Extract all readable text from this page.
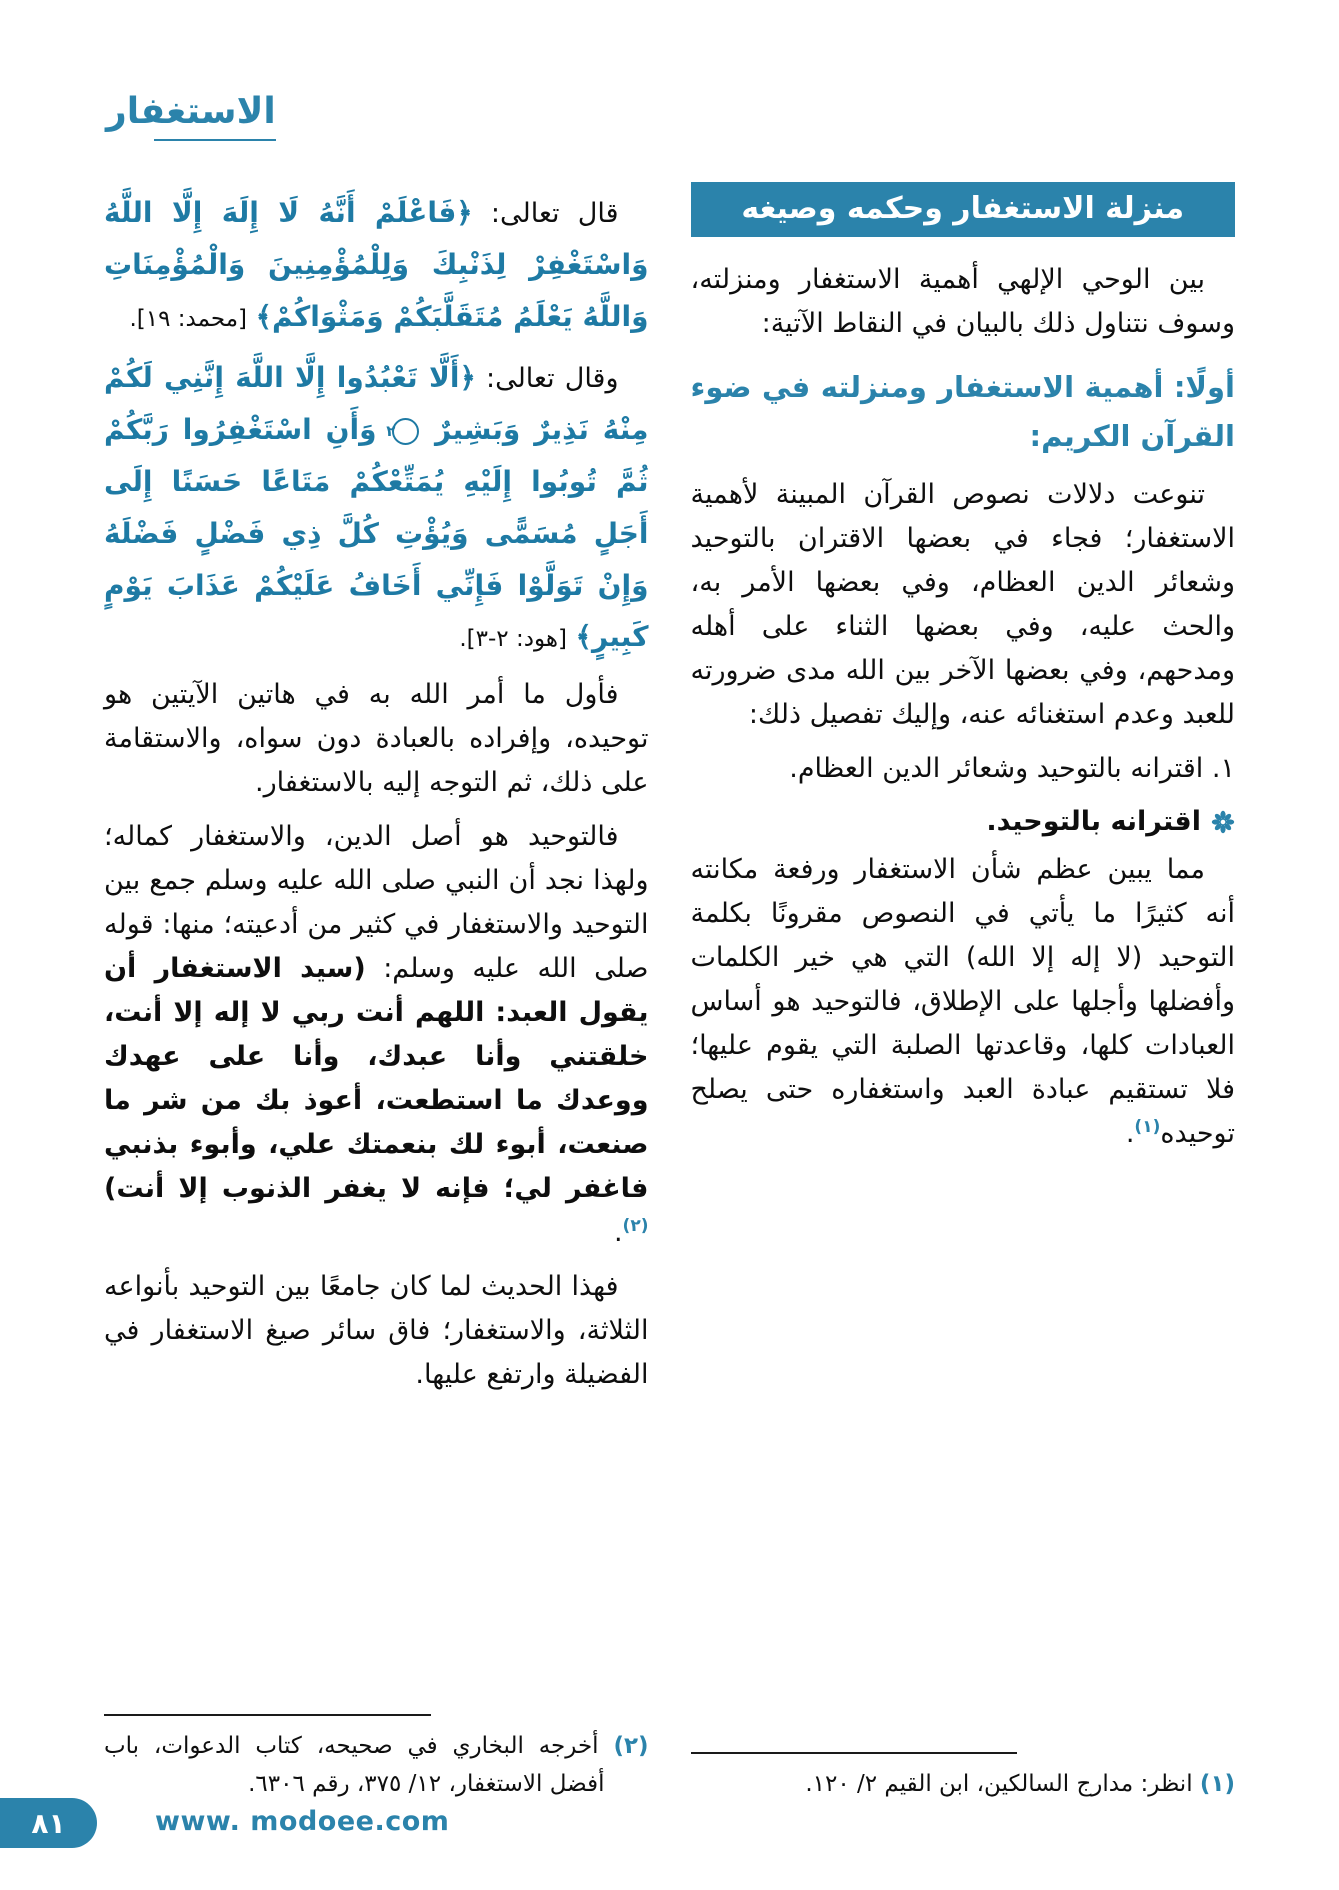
الاستغفار
منزلة الاستغفار وحكمه وصيغه

بين الوحي الإلهي أهمية الاستغفار ومنزلته، وسوف نتناول ذلك بالبيان في النقاط الآتية:

أولًا: أهمية الاستغفار ومنزلته في ضوء القرآن الكريم:

تنوعت دلالات نصوص القرآن المبينة لأهمية الاستغفار؛ فجاء في بعضها الاقتران بالتوحيد وشعائر الدين العظام، وفي بعضها الأمر به، والحث عليه، وفي بعضها الثناء على أهله ومدحهم، وفي بعضها الآخر بين الله مدى ضرورته للعبد وعدم استغنائه عنه، وإليك تفصيل ذلك:

١. اقترانه بالتوحيد وشعائر الدين العظام.

اقترانه بالتوحيد.

مما يبين عظم شأن الاستغفار ورفعة مكانته أنه كثيرًا ما يأتي في النصوص مقرونًا بكلمة التوحيد (لا إله إلا الله) التي هي خير الكلمات وأفضلها وأجلها على الإطلاق، فالتوحيد هو أساس العبادات كلها، وقاعدتها الصلبة التي يقوم عليها؛ فلا تستقيم عبادة العبد واستغفاره حتى يصلح توحيده$^{(١)}$.

(١) انظر: مدارج السالكين، ابن القيم ٢/ ١٢٠.

قال تعالى: ﴿فَاعْلَمْ أَنَّهُ لَا إِلَهَ إِلَّا اللَّهُ وَاسْتَغْفِرْ لِذَنْبِكَ وَلِلْمُؤْمِنِينَ وَالْمُؤْمِنَاتِ وَاللَّهُ يَعْلَمُ مُتَقَلَّبَكُمْ وَمَثْوَاكُمْ﴾ [محمد: ١٩].

وقال تعالى: ﴿أَلَّا تَعْبُدُوا إِلَّا اللَّهَ إِنَّنِي لَكُمْ مِنْهُ نَذِيرٌ وَبَشِيرٌ
٢
وَأَنِ اسْتَغْفِرُوا رَبَّكُمْ ثُمَّ تُوبُوا إِلَيْهِ يُمَتِّعْكُمْ مَتَاعًا حَسَنًا إِلَى أَجَلٍ مُسَمًّى وَيُؤْتِ كُلَّ ذِي فَضْلٍ فَضْلَهُ وَإِنْ تَوَلَّوْا فَإِنِّي أَخَافُ عَلَيْكُمْ عَذَابَ يَوْمٍ كَبِيرٍ﴾ [هود: ٢-٣].

فأول ما أمر الله به في هاتين الآيتين هو توحيده، وإفراده بالعبادة دون سواه، والاستقامة على ذلك، ثم التوجه إليه بالاستغفار.

فالتوحيد هو أصل الدين، والاستغفار كماله؛ ولهذا نجد أن النبي صلى الله عليه وسلم جمع بين التوحيد والاستغفار في كثير من أدعيته؛ منها: قوله صلى الله عليه وسلم: (سيد الاستغفار أن يقول العبد: اللهم أنت ربي لا إله إلا أنت، خلقتني وأنا عبدك، وأنا على عهدك ووعدك ما استطعت، أعوذ بك من شر ما صنعت، أبوء لك بنعمتك علي، وأبوء بذنبي فاغفر لي؛ فإنه لا يغفر الذنوب إلا أنت)$^{(٢)}$.

فهذا الحديث لما كان جامعًا بين التوحيد بأنواعه الثلاثة، والاستغفار؛ فاق سائر صيغ الاستغفار في الفضيلة وارتفع عليها.

(٢) أخرجه البخاري في صحيحه، كتاب الدعوات، باب أفضل الاستغفار، ١٢/ ٣٧٥، رقم ٦٣٠٦.

٨١	www. modoee.com
